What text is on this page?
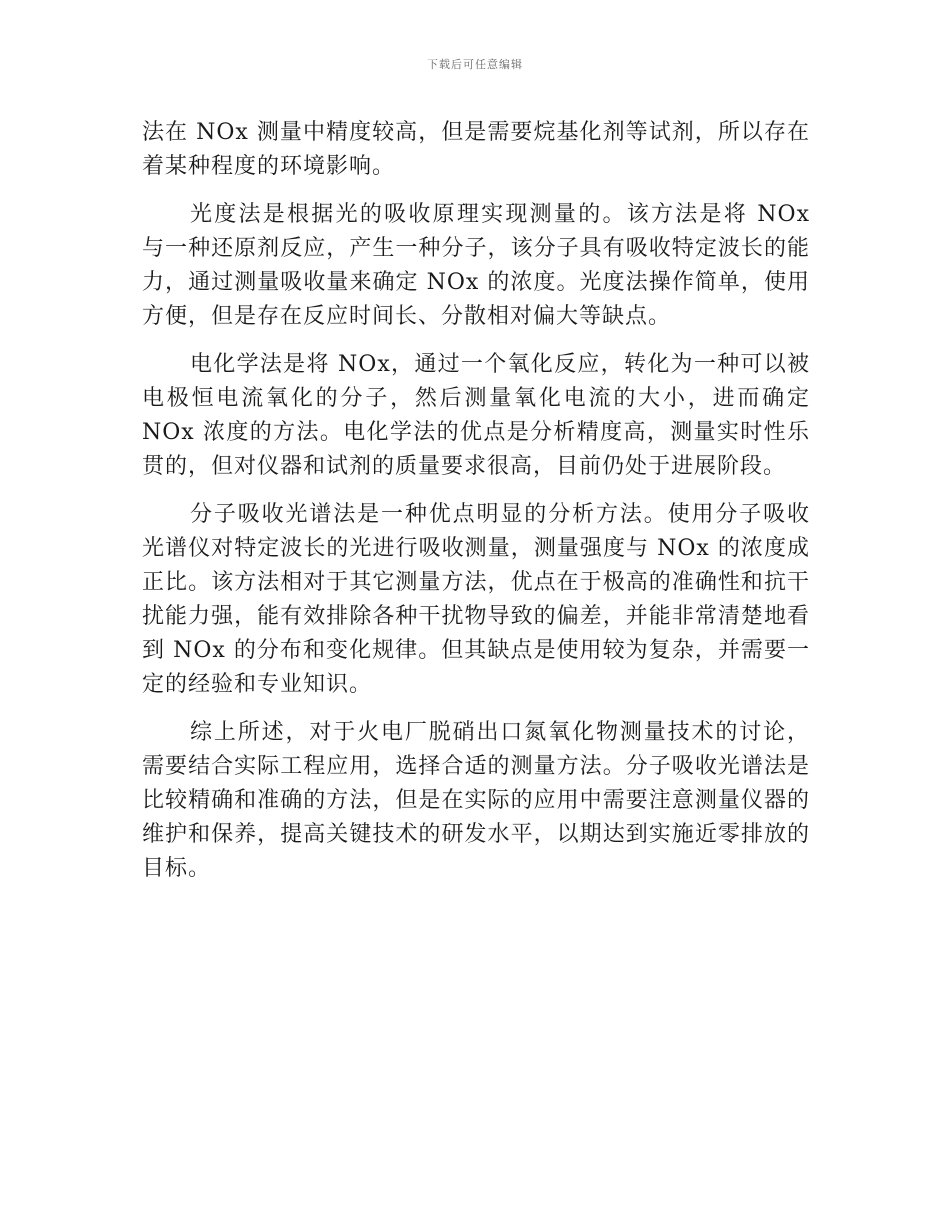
下载后可任意编辑

法在 NOx 测量中精度较高，但是需要烷基化剂等试剂，所以存在着某种程度的环境影响。

光度法是根据光的吸收原理实现测量的。该方法是将 NOx 与一种还原剂反应，产生一种分子，该分子具有吸收特定波长的能力，通过测量吸收量来确定 NOx 的浓度。光度法操作简单，使用方便，但是存在反应时间长、分散相对偏大等缺点。

电化学法是将 NOx，通过一个氧化反应，转化为一种可以被电极恒电流氧化的分子，然后测量氧化电流的大小，进而确定 NOx 浓度的方法。电化学法的优点是分析精度高，测量实时性乐贯的，但对仪器和试剂的质量要求很高，目前仍处于进展阶段。

分子吸收光谱法是一种优点明显的分析方法。使用分子吸收光谱仪对特定波长的光进行吸收测量，测量强度与 NOx 的浓度成正比。该方法相对于其它测量方法，优点在于极高的准确性和抗干扰能力强，能有效排除各种干扰物导致的偏差，并能非常清楚地看到 NOx 的分布和变化规律。但其缺点是使用较为复杂，并需要一定的经验和专业知识。

综上所述，对于火电厂脱硝出口氮氧化物测量技术的讨论，需要结合实际工程应用，选择合适的测量方法。分子吸收光谱法是比较精确和准确的方法，但是在实际的应用中需要注意测量仪器的维护和保养，提高关键技术的研发水平，以期达到实施近零排放的目标。
